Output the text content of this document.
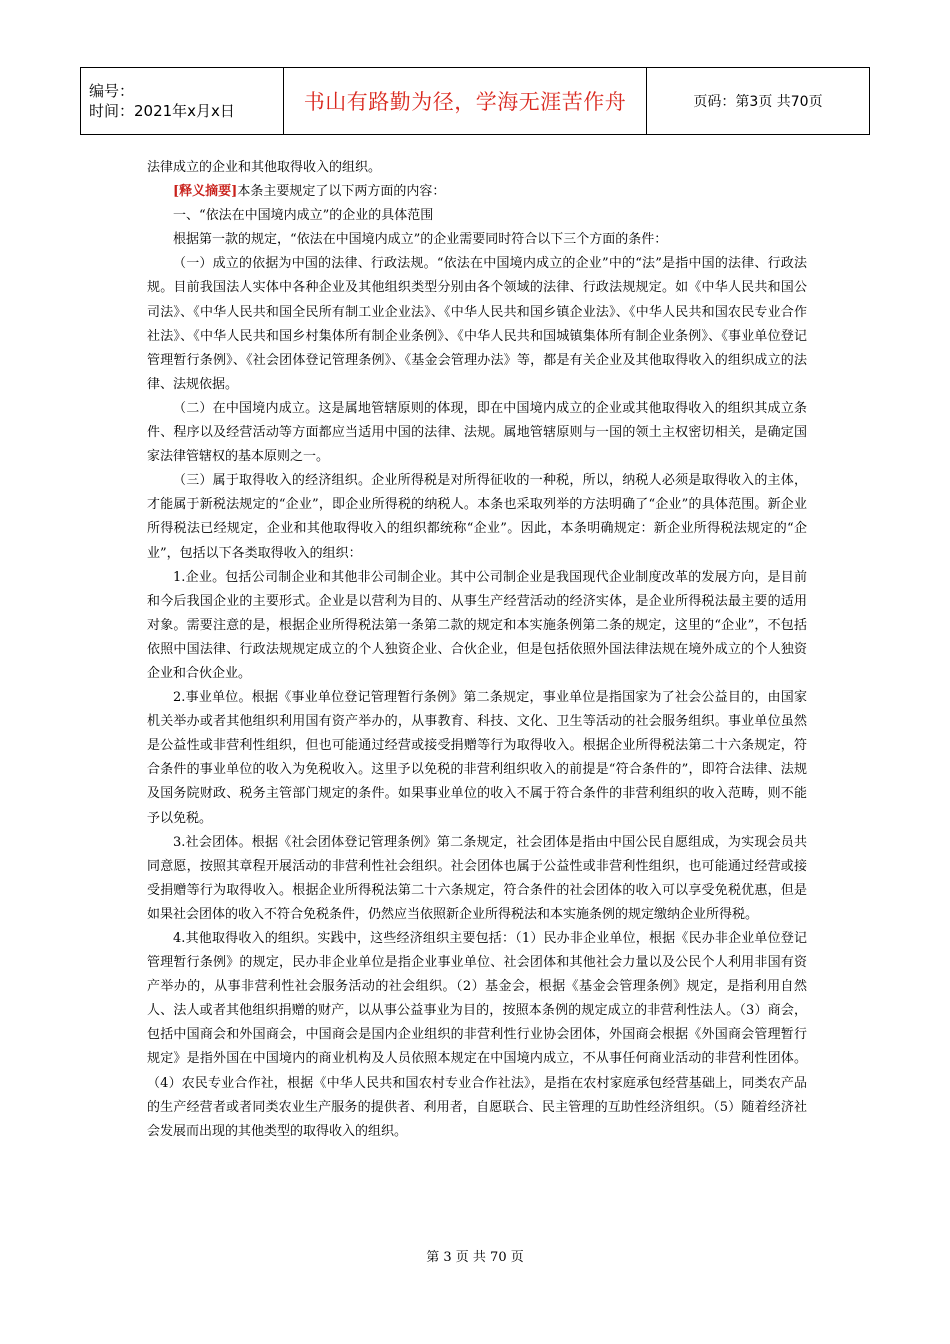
编号：
时间：2021年x月x日	书山有路勤为径，学海无涯苦作舟	页码：第3页 共70页

法律成立的企业和其他取得收入的组织。

[释义摘要]本条主要规定了以下两方面的内容：

一、“依法在中国境内成立”的企业的具体范围

根据第一款的规定，“依法在中国境内成立”的企业需要同时符合以下三个方面的条件：

（一）成立的依据为中国的法律、行政法规。“依法在中国境内成立的企业”中的“法”是指中国的法律、行政法规。目前我国法人实体中各种企业及其他组织类型分别由各个领域的法律、行政法规规定。如《中华人民共和国公司法》、《中华人民共和国全民所有制工业企业法》、《中华人民共和国乡镇企业法》、《中华人民共和国农民专业合作社法》、《中华人民共和国乡村集体所有制企业条例》、《中华人民共和国城镇集体所有制企业条例》、《事业单位登记管理暂行条例》、《社会团体登记管理条例》、《基金会管理办法》等，都是有关企业及其他取得收入的组织成立的法律、法规依据。

（二）在中国境内成立。这是属地管辖原则的体现，即在中国境内成立的企业或其他取得收入的组织其成立条件、程序以及经营活动等方面都应当适用中国的法律、法规。属地管辖原则与一国的领土主权密切相关，是确定国家法律管辖权的基本原则之一。

（三）属于取得收入的经济组织。企业所得税是对所得征收的一种税，所以，纳税人必须是取得收入的主体，才能属于新税法规定的“企业”，即企业所得税的纳税人。本条也采取列举的方法明确了“企业”的具体范围。新企业所得税法已经规定，企业和其他取得收入的组织都统称“企业”。因此，本条明确规定：新企业所得税法规定的“企业”，包括以下各类取得收入的组织：

1.企业。包括公司制企业和其他非公司制企业。其中公司制企业是我国现代企业制度改革的发展方向，是目前和今后我国企业的主要形式。企业是以营利为目的、从事生产经营活动的经济实体，是企业所得税法最主要的适用对象。需要注意的是，根据企业所得税法第一条第二款的规定和本实施条例第二条的规定，这里的“企业”，不包括依照中国法律、行政法规规定成立的个人独资企业、合伙企业，但是包括依照外国法律法规在境外成立的个人独资企业和合伙企业。

2.事业单位。根据《事业单位登记管理暂行条例》第二条规定，事业单位是指国家为了社会公益目的，由国家机关举办或者其他组织利用国有资产举办的，从事教育、科技、文化、卫生等活动的社会服务组织。事业单位虽然是公益性或非营利性组织，但也可能通过经营或接受捐赠等行为取得收入。根据企业所得税法第二十六条规定，符合条件的事业单位的收入为免税收入。这里予以免税的非营利组织收入的前提是“符合条件的”，即符合法律、法规及国务院财政、税务主管部门规定的条件。如果事业单位的收入不属于符合条件的非营利组织的收入范畴，则不能予以免税。

3.社会团体。根据《社会团体登记管理条例》第二条规定，社会团体是指由中国公民自愿组成，为实现会员共同意愿，按照其章程开展活动的非营利性社会组织。社会团体也属于公益性或非营利性组织，也可能通过经营或接受捐赠等行为取得收入。根据企业所得税法第二十六条规定，符合条件的社会团体的收入可以享受免税优惠，但是如果社会团体的收入不符合免税条件，仍然应当依照新企业所得税法和本实施条例的规定缴纳企业所得税。

4.其他取得收入的组织。实践中，这些经济组织主要包括：（1）民办非企业单位，根据《民办非企业单位登记管理暂行条例》的规定，民办非企业单位是指企业事业单位、社会团体和其他社会力量以及公民个人利用非国有资产举办的，从事非营利性社会服务活动的社会组织。（2）基金会，根据《基金会管理条例》规定，是指利用自然人、法人或者其他组织捐赠的财产，以从事公益事业为目的，按照本条例的规定成立的非营利性法人。（3）商会，包括中国商会和外国商会，中国商会是国内企业组织的非营利性行业协会团体，外国商会根据《外国商会管理暂行规定》是指外国在中国境内的商业机构及人员依照本规定在中国境内成立，不从事任何商业活动的非营利性团体。（4）农民专业合作社，根据《中华人民共和国农村专业合作社法》，是指在农村家庭承包经营基础上，同类农产品的生产经营者或者同类农业生产服务的提供者、利用者，自愿联合、民主管理的互助性经济组织。（5）随着经济社会发展而出现的其他类型的取得收入的组织。

第 3 页 共 70 页
